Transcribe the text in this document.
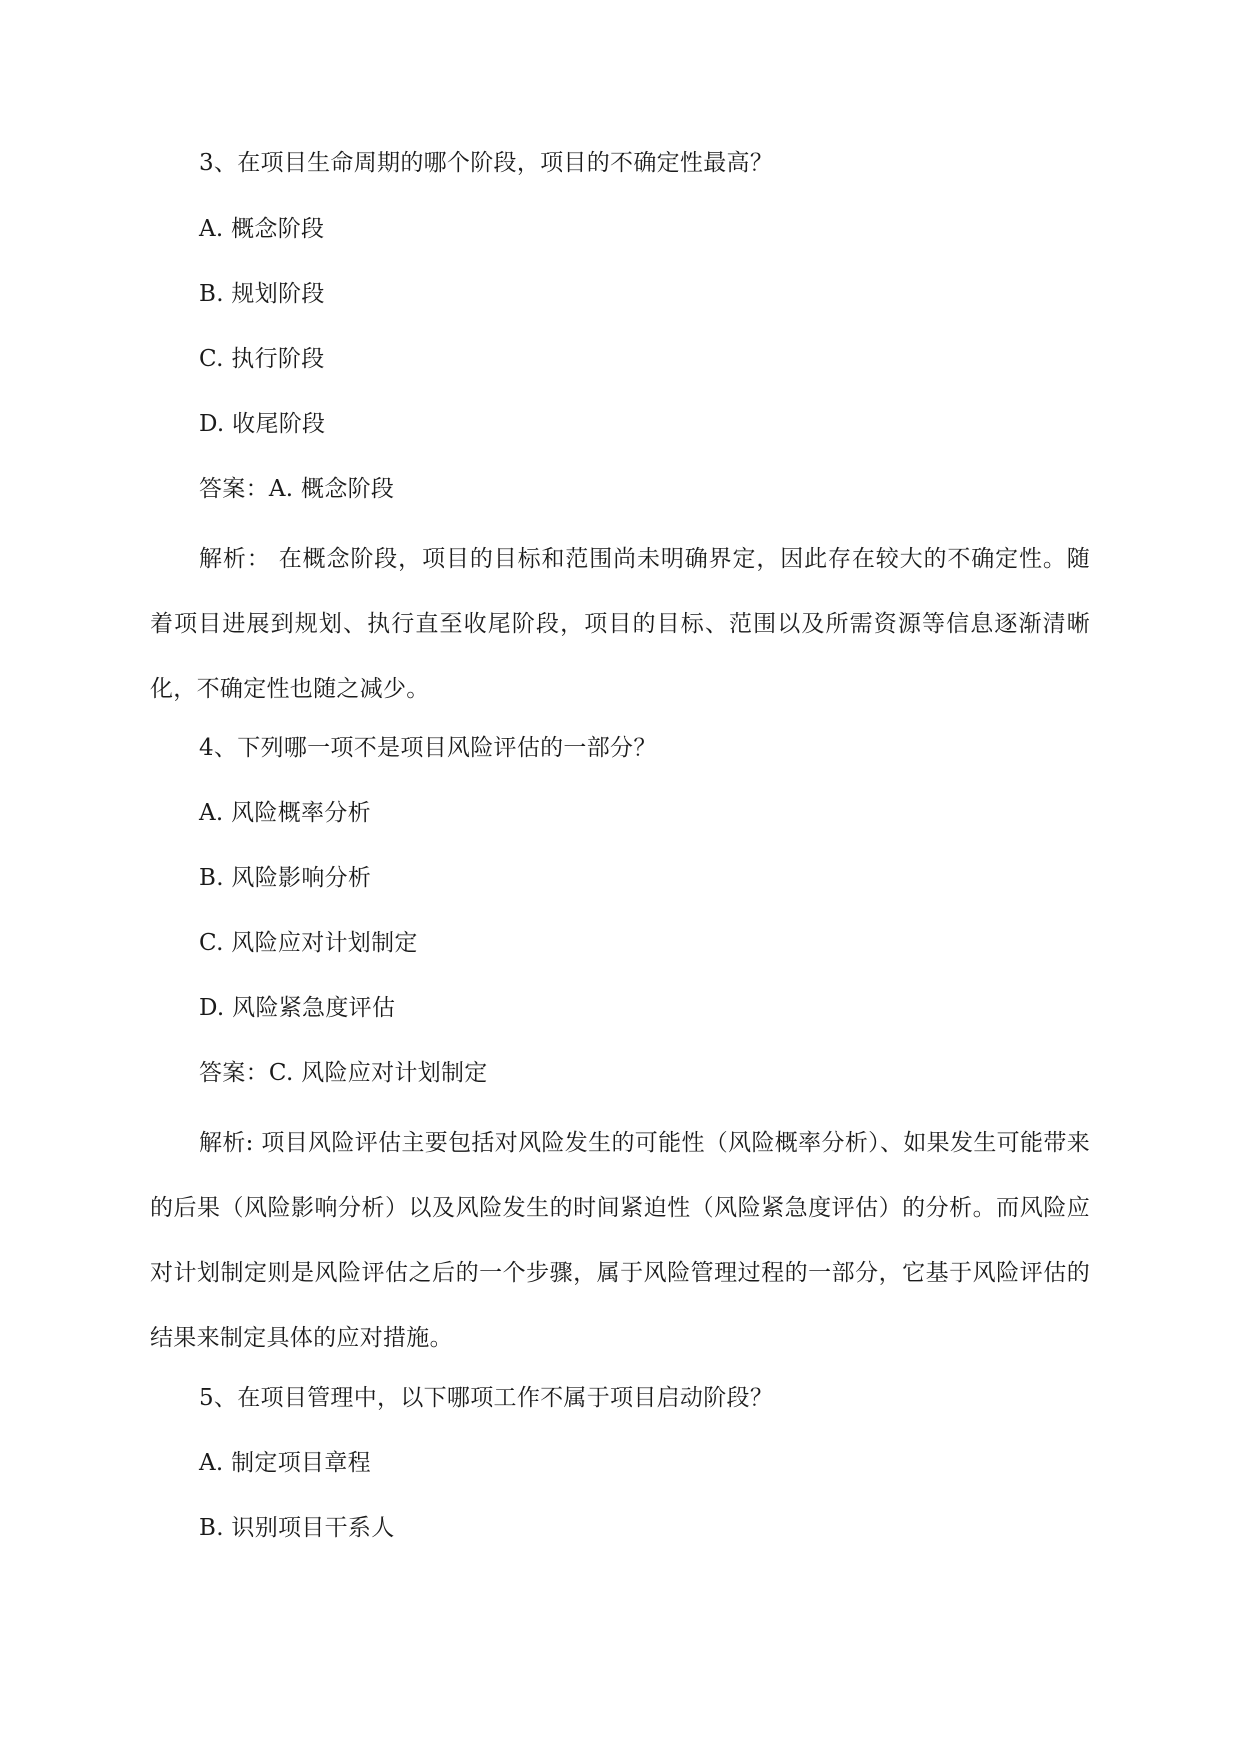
3、在项目生命周期的哪个阶段，项目的不确定性最高？
A. 概念阶段
B. 规划阶段
C. 执行阶段
D. 收尾阶段
答案：A. 概念阶段
解析： 在概念阶段，项目的目标和范围尚未明确界定，因此存在较大的不确定性。随着项目进展到规划、执行直至收尾阶段，项目的目标、范围以及所需资源等信息逐渐清晰化，不确定性也随之减少。
4、下列哪一项不是项目风险评估的一部分？
A. 风险概率分析
B. 风险影响分析
C. 风险应对计划制定
D. 风险紧急度评估
答案：C. 风险应对计划制定
解析: 项目风险评估主要包括对风险发生的可能性（风险概率分析）、如果发生可能带来的后果（风险影响分析）以及风险发生的时间紧迫性（风险紧急度评估）的分析。而风险应对计划制定则是风险评估之后的一个步骤，属于风险管理过程的一部分，它基于风险评估的结果来制定具体的应对措施。
5、在项目管理中，以下哪项工作不属于项目启动阶段？
A. 制定项目章程
B. 识别项目干系人
